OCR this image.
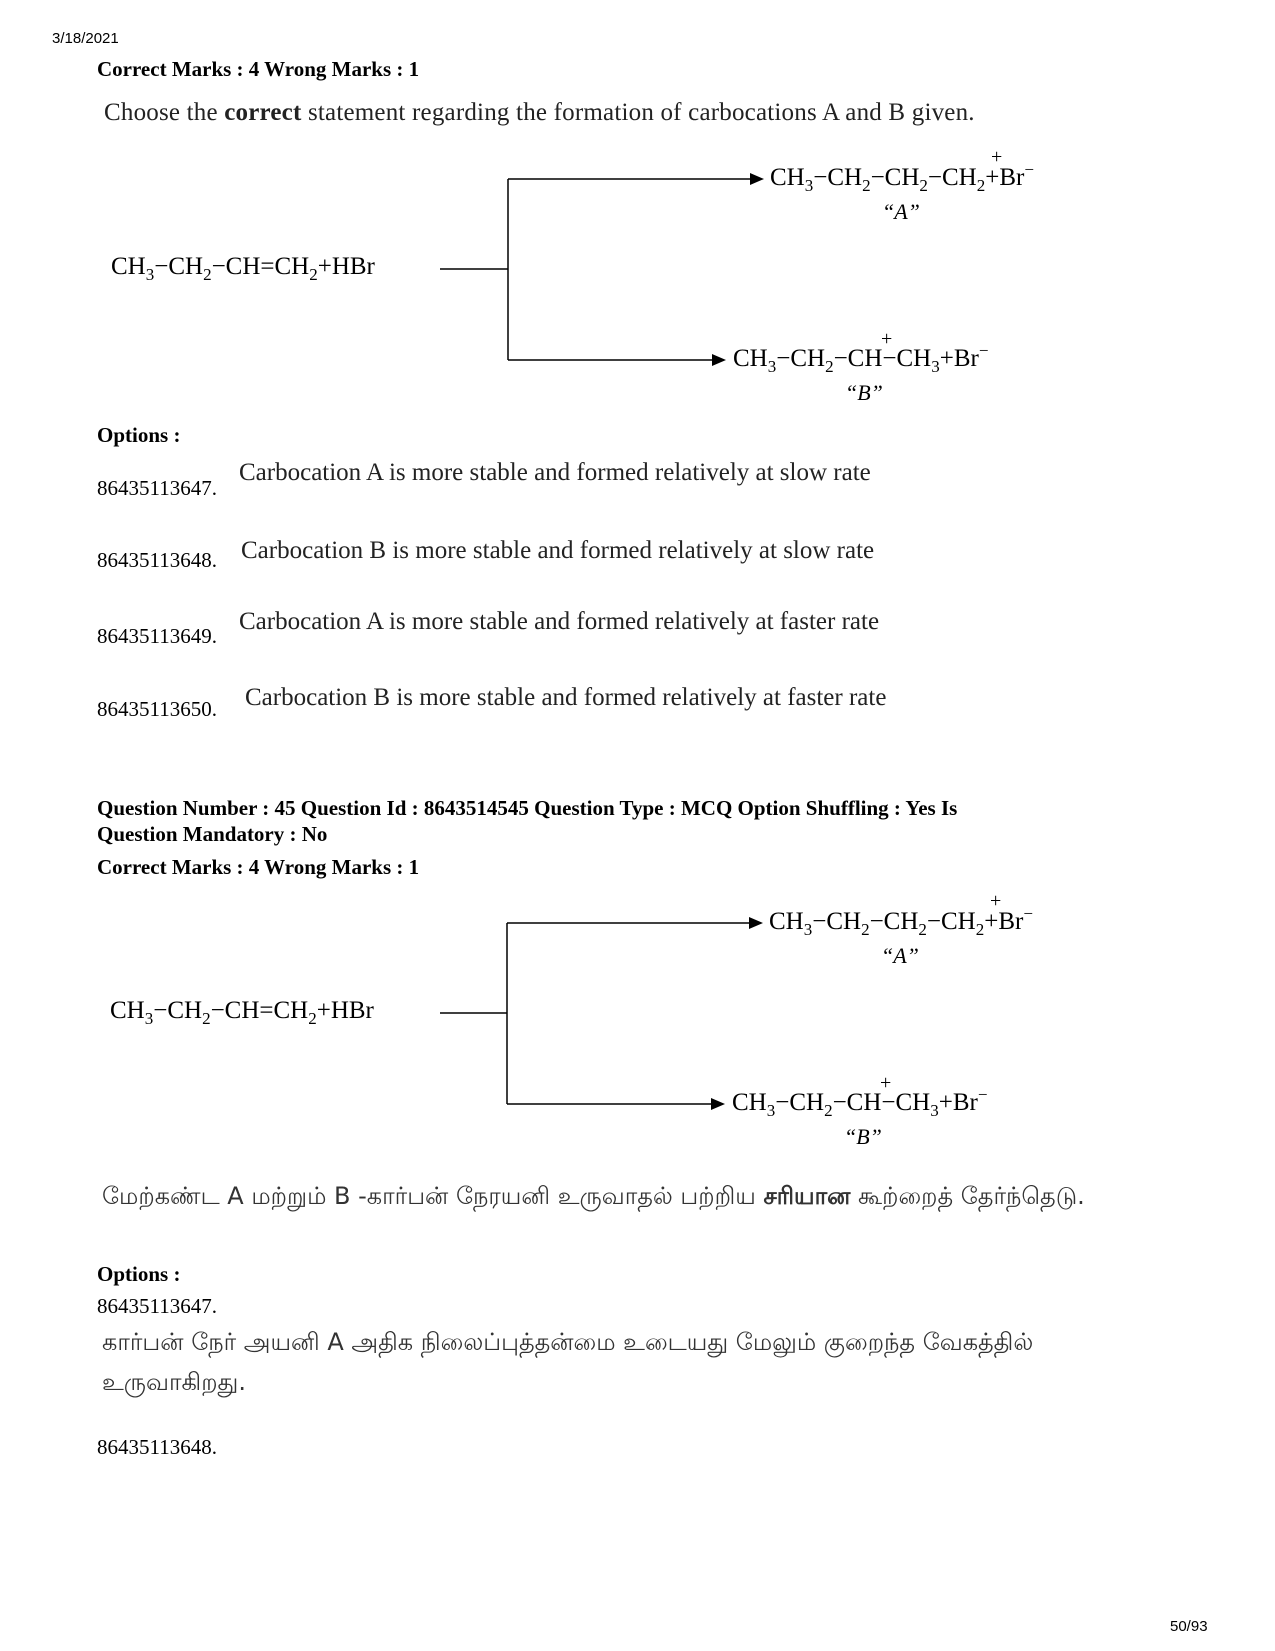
3/18/2021
50/93
Correct Marks : 4 Wrong Marks : 1
Choose the correct statement regarding the formation of carbocations A and B given.
$CH_3-CH_2-CH=CH_2+HBr$
$CH_3-CH_2-CH_2-CH_2+Br^-$
+
“A”
$CH_3-CH_2-CH-CH_3+Br^-$
+
“B”
Options :
86435113647.
Carbocation A is more stable and formed relatively at slow rate
86435113648. Carbocation B is more stable and formed relatively at slow rate
86435113649.
Carbocation A is more stable and formed relatively at faster rate
86435113650. Carbocation B is more stable and formed relatively at faster rate
Question Number : 45 Question Id : 8643514545 Question Type : MCQ Option Shuffling : Yes Is
Question Mandatory : No
Correct Marks : 4 Wrong Marks : 1
$CH_3-CH_2-CH=CH_2+HBr$
$CH_3-CH_2-CH_2-CH_2+Br^-$
+
“A”
$CH_3-CH_2-CH-CH_3+Br^-$
+
“B”
மேற்கண்ட A மற்றும் B -கார்பன் நேரயனி உருவாதல் பற்றிய சரியான கூற்றைத் தேர்ந்தெடு.
Options :
86435113647.
கார்பன் நேர் அயனி A அதிக நிலைப்புத்தன்மை உடையது மேலும் குறைந்த வேகத்தில் உருவாகிறது.
86435113648.
